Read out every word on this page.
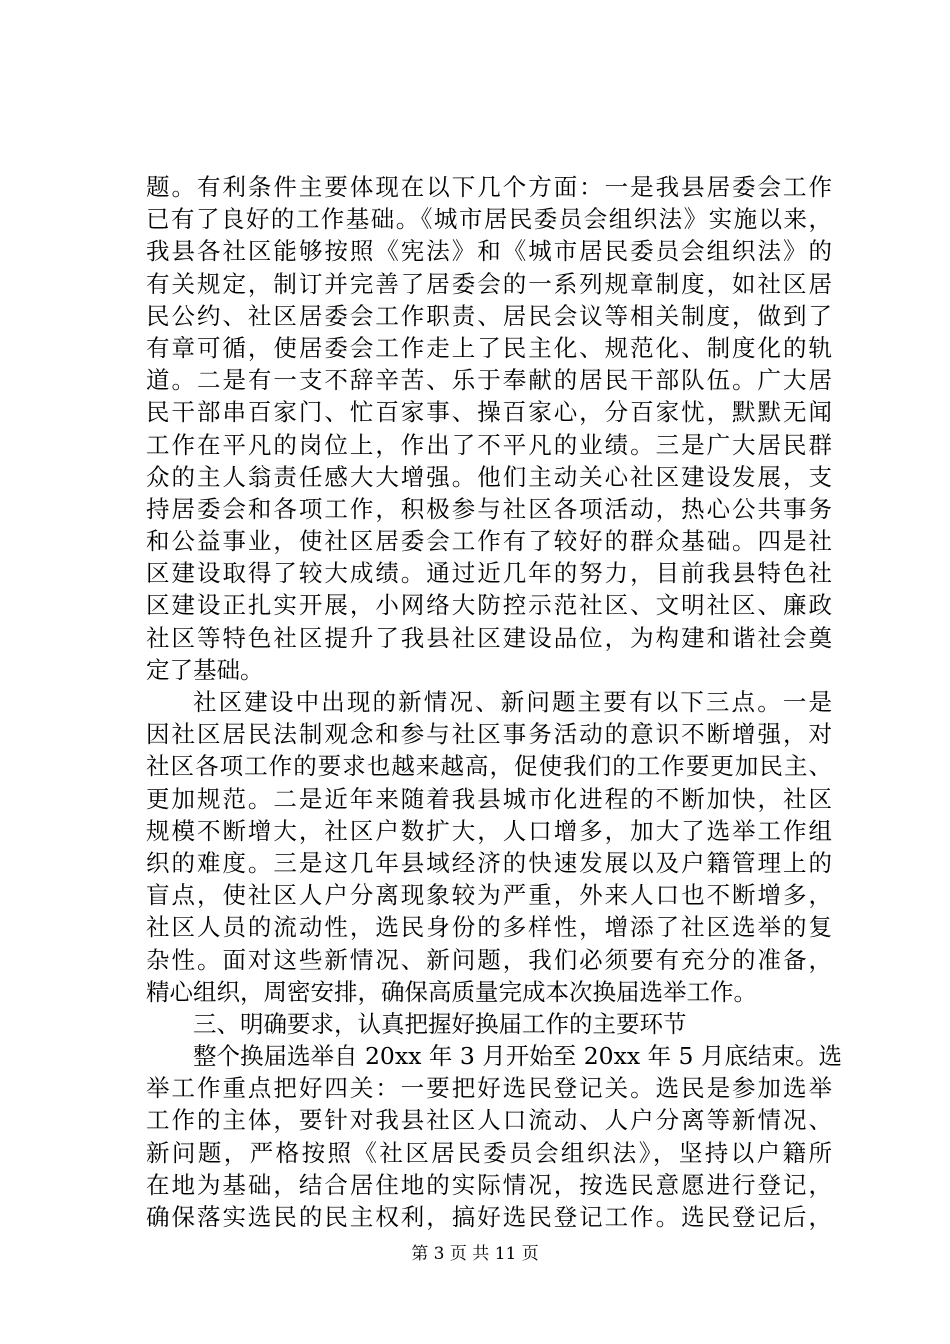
题。有利条件主要体现在以下几个方面：一是我县居委会工作
已有了良好的工作基础。《城市居民委员会组织法》实施以来，
我县各社区能够按照《宪法》和《城市居民委员会组织法》的
有关规定，制订并完善了居委会的一系列规章制度，如社区居
民公约、社区居委会工作职责、居民会议等相关制度，做到了
有章可循，使居委会工作走上了民主化、规范化、制度化的轨
道。二是有一支不辞辛苦、乐于奉献的居民干部队伍。广大居
民干部串百家门、忙百家事、操百家心，分百家忧，默默无闻
工作在平凡的岗位上，作出了不平凡的业绩。三是广大居民群
众的主人翁责任感大大增强。他们主动关心社区建设发展，支
持居委会和各项工作，积极参与社区各项活动，热心公共事务
和公益事业，使社区居委会工作有了较好的群众基础。四是社
区建设取得了较大成绩。通过近几年的努力，目前我县特色社
区建设正扎实开展，小网络大防控示范社区、文明社区、廉政
社区等特色社区提升了我县社区建设品位，为构建和谐社会奠
定了基础。
社区建设中出现的新情况、新问题主要有以下三点。一是
因社区居民法制观念和参与社区事务活动的意识不断增强，对
社区各项工作的要求也越来越高，促使我们的工作要更加民主、
更加规范。二是近年来随着我县城市化进程的不断加快，社区
规模不断增大，社区户数扩大，人口增多，加大了选举工作组
织的难度。三是这几年县域经济的快速发展以及户籍管理上的
盲点，使社区人户分离现象较为严重，外来人口也不断增多，
社区人员的流动性，选民身份的多样性，增添了社区选举的复
杂性。面对这些新情况、新问题，我们必须要有充分的准备，
精心组织，周密安排，确保高质量完成本次换届选举工作。
三、明确要求，认真把握好换届工作的主要环节
整个换届选举自 20xx 年 3 月开始至 20xx 年 5 月底结束。选
举工作重点把好四关：一要把好选民登记关。选民是参加选举
工作的主体，要针对我县社区人口流动、人户分离等新情况、
新问题，严格按照《社区居民委员会组织法》，坚持以户籍所
在地为基础，结合居住地的实际情况，按选民意愿进行登记，
确保落实选民的民主权利，搞好选民登记工作。选民登记后，
第 3 页 共 11 页
